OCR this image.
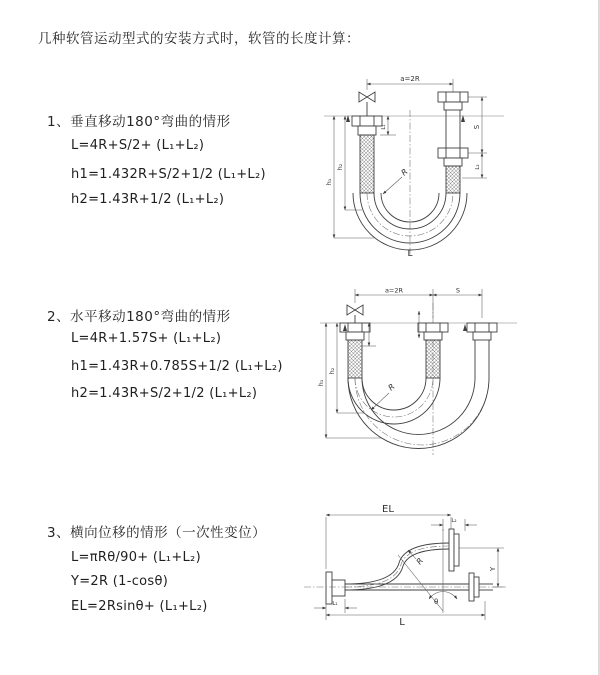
几种软管运动型式的安装方式时，软管的长度计算：
1、垂直移动180°弯曲的情形
L=4R+S/2+ (L₁+L₂)
h1=1.432R+S/2+1/2 (L₁+L₂)
h2=1.43R+1/2 (L₁+L₂)
2、水平移动180°弯曲的情形
L=4R+1.57S+ (L₁+L₂)
h1=1.43R+0.785S+1/2 (L₁+L₂)
h2=1.43R+S/2+1/2 (L₁+L₂)
3、横向位移的情形（一次性变位）
L=πRθ/90+ (L₁+L₂)
Y=2R (1-cosθ)
EL=2Rsinθ+ (L₁+L₂)
a=2R
R
L
h₁
h₂
L₁	S
L₂
a=2R	S
h₁
h₂
R
EL
L₂
Y
θ
R
L
L₁
